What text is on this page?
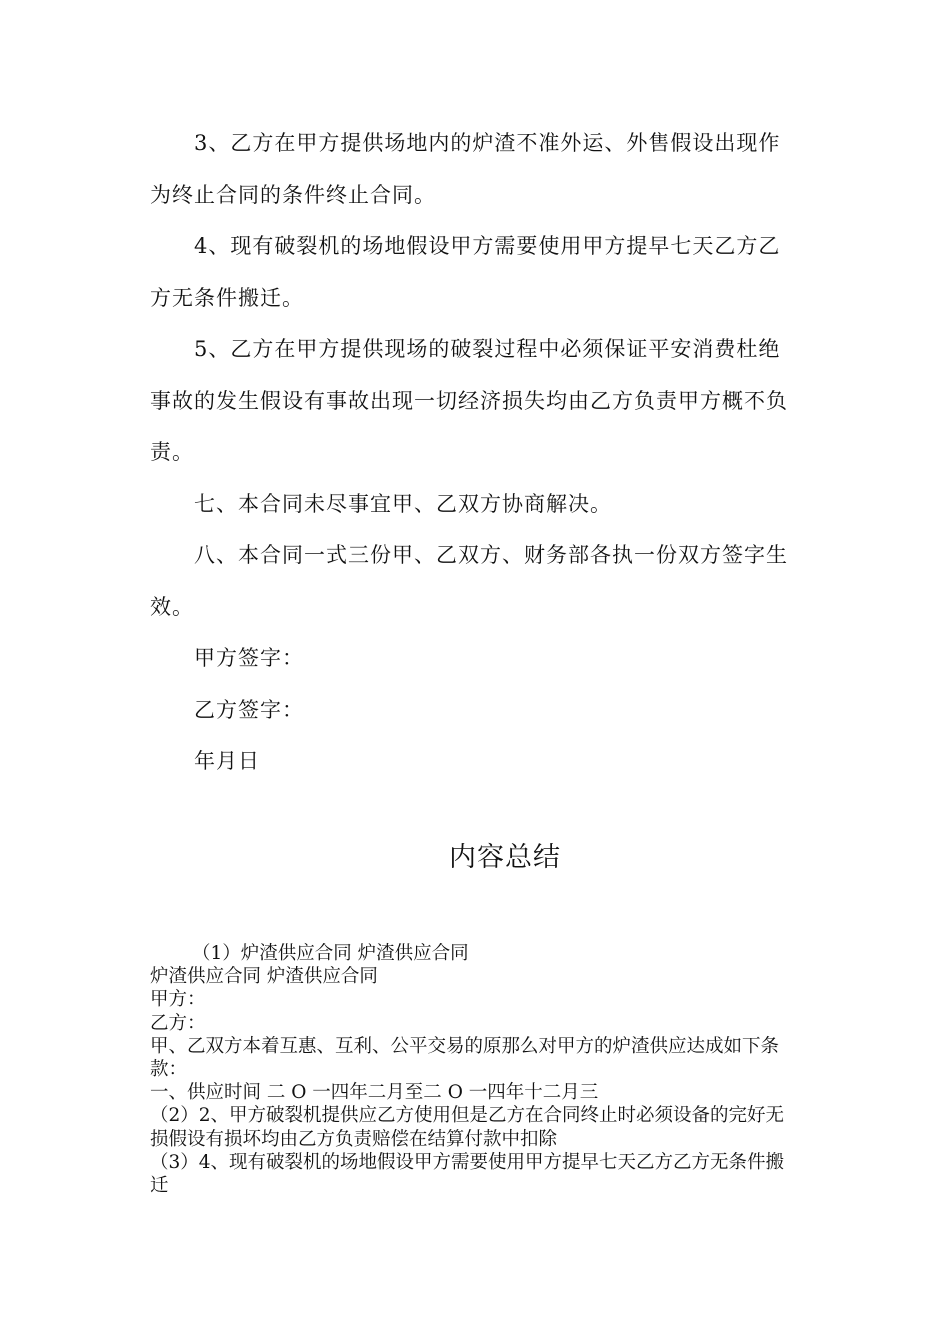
3、乙方在甲方提供场地内的炉渣不准外运、外售假设出现作为终止合同的条件终止合同。

4、现有破裂机的场地假设甲方需要使用甲方提早七天乙方乙方无条件搬迁。

5、乙方在甲方提供现场的破裂过程中必须保证平安消费杜绝事故的发生假设有事故出现一切经济损失均由乙方负责甲方概不负责。

七、本合同未尽事宜甲、乙双方协商解决。

八、本合同一式三份甲、乙双方、财务部各执一份双方签字生效。

甲方签字：

乙方签字：

年月日

内容总结

（1）炉渣供应合同 炉渣供应合同

炉渣供应合同 炉渣供应合同

甲方：

乙方：

甲、乙双方本着互惠、互利、公平交易的原那么对甲方的炉渣供应达成如下条款：

一、供应时间 二 O 一四年二月至二 O 一四年十二月三

（2）2、甲方破裂机提供应乙方使用但是乙方在合同终止时必须设备的完好无损假设有损坏均由乙方负责赔偿在结算付款中扣除

（3）4、现有破裂机的场地假设甲方需要使用甲方提早七天乙方乙方无条件搬迁
